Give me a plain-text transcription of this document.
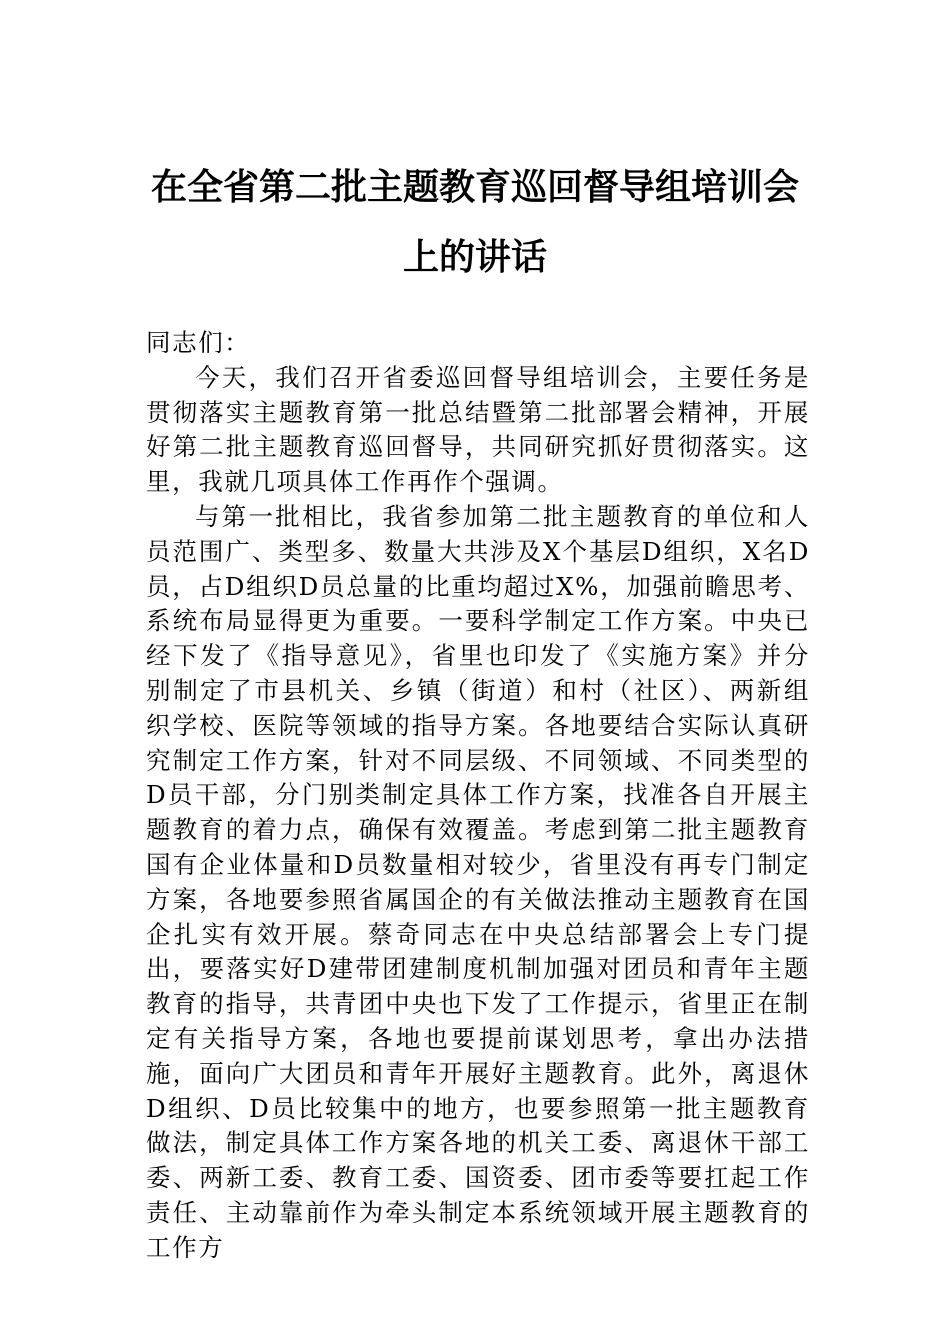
在全省第二批主题教育巡回督导组培训会
上的讲话

同志们：

今天，我们召开省委巡回督导组培训会，主要任务是贯彻落实主题教育第一批总结暨第二批部署会精神，开展好第二批主题教育巡回督导，共同研究抓好贯彻落实。这里，我就几项具体工作再作个强调。

与第一批相比，我省参加第二批主题教育的单位和人员范围广、类型多、数量大共涉及X个基层D组织，X名D员，占D组织D员总量的比重均超过X%，加强前瞻思考、系统布局显得更为重要。一要科学制定工作方案。中央已经下发了《指导意见》，省里也印发了《实施方案》并分别制定了市县机关、乡镇（街道）和村（社区）、两新组织学校、医院等领域的指导方案。各地要结合实际认真研究制定工作方案，针对不同层级、不同领域、不同类型的D员干部，分门别类制定具体工作方案，找准各自开展主题教育的着力点，确保有效覆盖。考虑到第二批主题教育国有企业体量和D员数量相对较少，省里没有再专门制定方案，各地要参照省属国企的有关做法推动主题教育在国企扎实有效开展。蔡奇同志在中央总结部署会上专门提出，要落实好D建带团建制度机制加强对团员和青年主题教育的指导，共青团中央也下发了工作提示，省里正在制定有关指导方案，各地也要提前谋划思考，拿出办法措施，面向广大团员和青年开展好主题教育。此外，离退休D组织、D员比较集中的地方，也要参照第一批主题教育做法，制定具体工作方案各地的机关工委、离退休干部工委、两新工委、教育工委、国资委、团市委等要扛起工作责任、主动靠前作为牵头制定本系统领域开展主题教育的工作方
